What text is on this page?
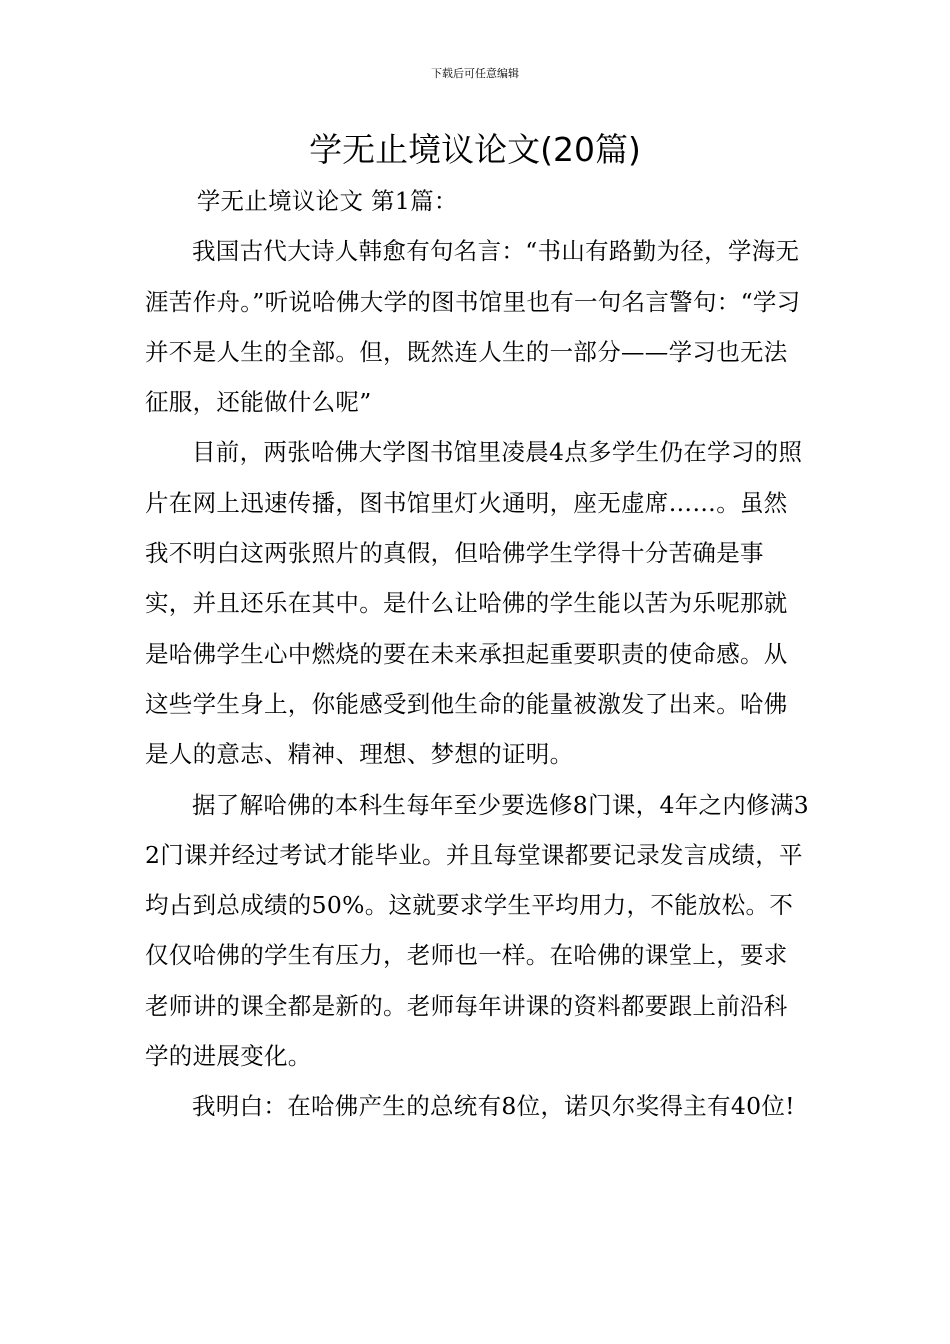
下载后可任意编辑
学无止境议论文(20篇)

学无止境议论文 第1篇：

我国古代大诗人韩愈有句名言：“书山有路勤为径，学海无涯苦作舟。”听说哈佛大学的图书馆里也有一句名言警句：“学习并不是人生的全部。但，既然连人生的一部分——学习也无法征服，还能做什么呢”

目前，两张哈佛大学图书馆里凌晨4点多学生仍在学习的照片在网上迅速传播，图书馆里灯火通明，座无虚席……。虽然我不明白这两张照片的真假，但哈佛学生学得十分苦确是事实，并且还乐在其中。是什么让哈佛的学生能以苦为乐呢那就是哈佛学生心中燃烧的要在未来承担起重要职责的使命感。从这些学生身上，你能感受到他生命的能量被激发了出来。哈佛是人的意志、精神、理想、梦想的证明。

据了解哈佛的本科生每年至少要选修8门课，4年之内修满32门课并经过考试才能毕业。并且每堂课都要记录发言成绩，平均占到总成绩的50%。这就要求学生平均用力，不能放松。不仅仅哈佛的学生有压力，老师也一样。在哈佛的课堂上，要求老师讲的课全都是新的。老师每年讲课的资料都要跟上前沿科学的进展变化。

我明白：在哈佛产生的总统有8位，诺贝尔奖得主有40位!
